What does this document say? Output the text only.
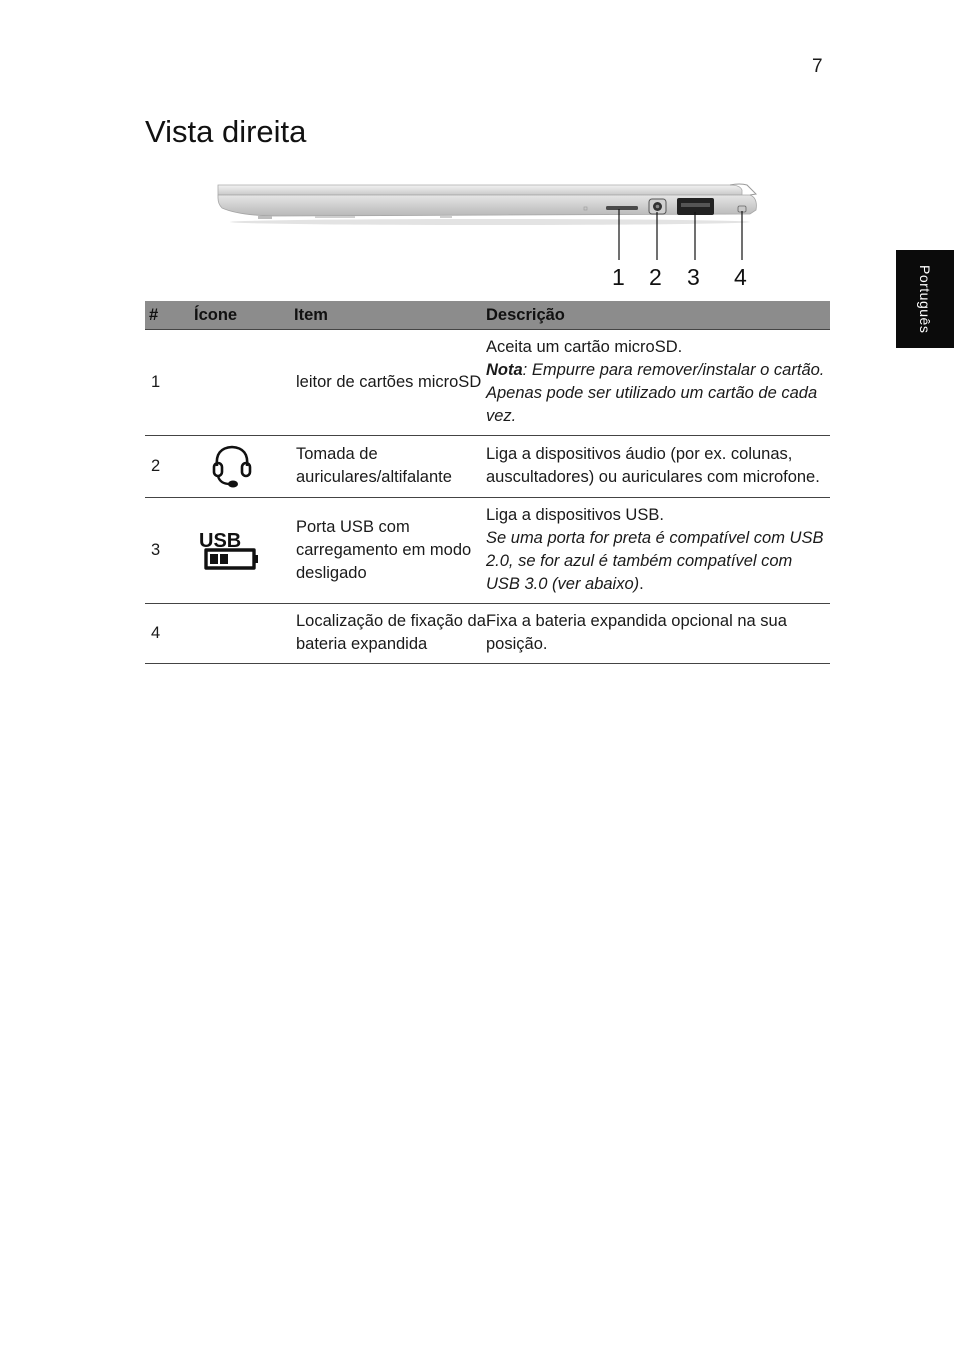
7
Vista direita
Português
1 2 3 4
#	Ícone	Item	Descrição
1		leitor de cartões microSD	Aceita um cartão microSD.
Nota: Empurre para remover/instalar o cartão.
Apenas pode ser utilizado um cartão de cada vez.

2		Tomada de auriculares/altifalante	Liga a dispositivos áudio (por ex. colunas, auscultadores) ou auriculares com microfone.

3	USB	Porta USB com carregamento em modo desligado	Liga a dispositivos USB.
Se uma porta for preta é compatível com USB 2.0, se for azul é também compatível com USB 3.0 (ver abaixo).

4		Localização de fixação da bateria expandida	Fixa a bateria expandida opcional na sua posição.
